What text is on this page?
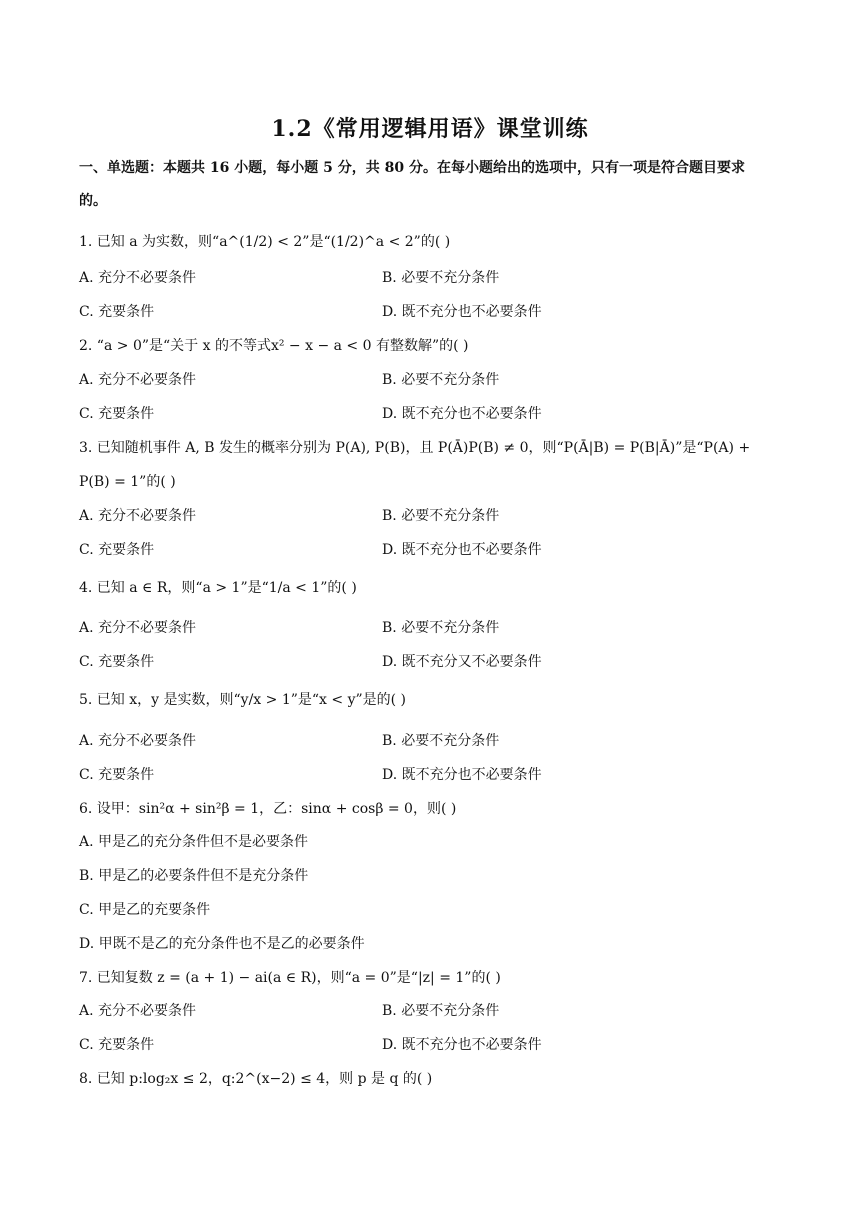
1.2《常用逻辑用语》课堂训练
一、单选题：本题共 16 小题，每小题 5 分，共 80 分。在每小题给出的选项中，只有一项是符合题目要求
的。
1. 已知 a 为实数，则“a^(1/2) < 2”是“(1/2)^a < 2”的( )
A. 充分不必要条件	B. 必要不充分条件
C. 充要条件	D. 既不充分也不必要条件
2. “a > 0”是“关于 x 的不等式x² − x − a < 0 有整数解”的( )
A. 充分不必要条件	B. 必要不充分条件
C. 充要条件	D. 既不充分也不必要条件
3. 已知随机事件 A, B 发生的概率分别为 P(A), P(B)，且 P(Ā)P(B) ≠ 0，则“P(Ā|B) = P(B|Ā)”是“P(A) +
P(B) = 1”的( )
A. 充分不必要条件	B. 必要不充分条件
C. 充要条件	D. 既不充分也不必要条件
4. 已知 a ∈ R，则“a > 1”是“1/a < 1”的( )
A. 充分不必要条件	B. 必要不充分条件
C. 充要条件	D. 既不充分又不必要条件
5. 已知 x，y 是实数，则“y/x > 1”是“x < y”是的( )
A. 充分不必要条件	B. 必要不充分条件
C. 充要条件	D. 既不充分也不必要条件
6. 设甲：sin²α + sin²β = 1，乙：sinα + cosβ = 0，则( )
A. 甲是乙的充分条件但不是必要条件
B. 甲是乙的必要条件但不是充分条件
C. 甲是乙的充要条件
D. 甲既不是乙的充分条件也不是乙的必要条件
7. 已知复数 z = (a + 1) − ai(a ∈ R)，则“a = 0”是“|z| = 1”的( )
A. 充分不必要条件	B. 必要不充分条件
C. 充要条件	D. 既不充分也不必要条件
8. 已知 p:log₂x ≤ 2，q:2^(x−2) ≤ 4，则 p 是 q 的( )
